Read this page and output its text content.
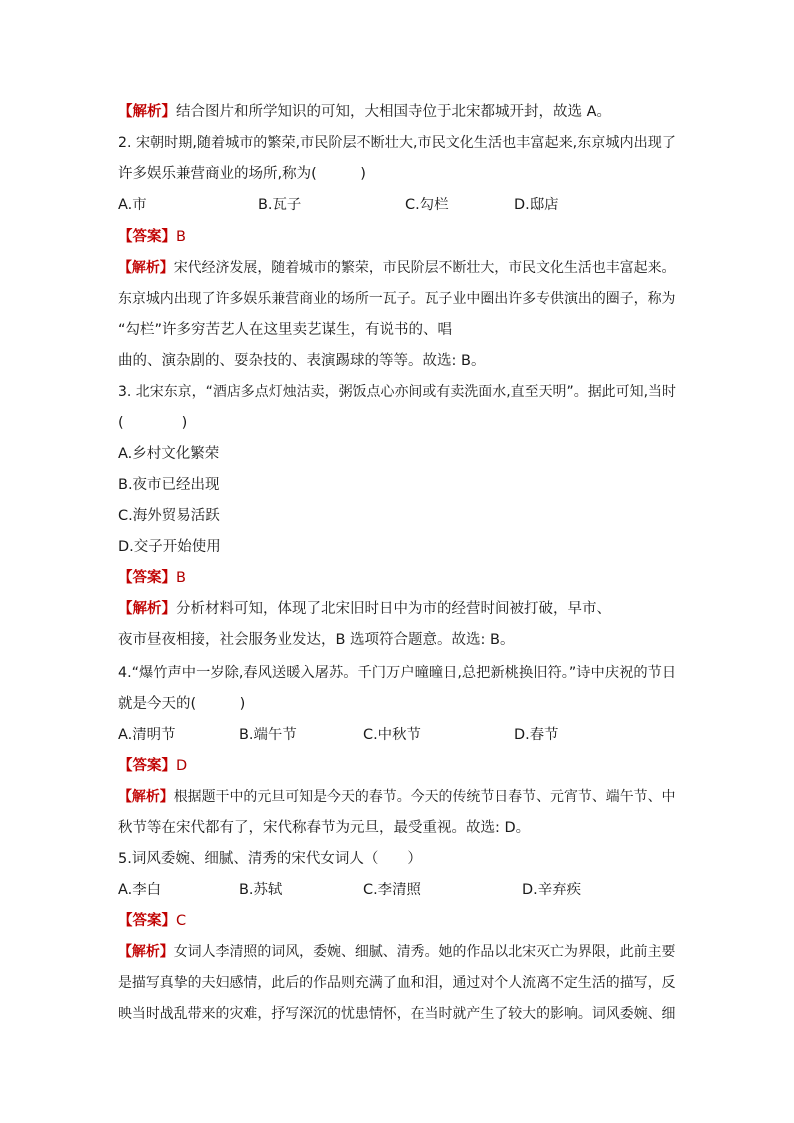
【解析】结合图片和所学知识的可知，大相国寺位于北宋都城开封，故选 A。
2. 宋朝时期,随着城市的繁荣,市民阶层不断壮大,市民文化生活也丰富起来,东京城内出现了
许多娱乐兼营商业的场所,称为(　　　)
A.市	B.瓦子	C.勾栏	D.邸店
【答案】B
【解析】宋代经济发展，随着城市的繁荣，市民阶层不断壮大，市民文化生活也丰富起来。
东京城内出现了许多娱乐兼营商业的场所一瓦子。瓦子业中圈出许多专供演出的圈子，称为
“勾栏”许多穷苦艺人在这里卖艺谋生，有说书的、唱
曲的、演杂剧的、耍杂技的、表演踢球的等等。故选: B。
3. 北宋东京，“酒店多点灯烛沽卖，粥饭点心亦间或有卖洗面水,直至天明”。据此可知,当时
(　　　　)
A.乡村文化繁荣
B.夜市已经出现
C.海外贸易活跃
D.交子开始使用
【答案】B
【解析】分析材料可知，体现了北宋旧时日中为市的经营时间被打破，早市、
夜市昼夜相接，社会服务业发达，B 选项符合题意。故选: B。
4.“爆竹声中一岁除,春风送暖入屠苏。千门万户曈曈日,总把新桃换旧符。”诗中庆祝的节日
就是今天的(　　　)
A.清明节	B.端午节	C.中秋节	D.春节
【答案】D
【解析】根据题干中的元旦可知是今天的春节。今天的传统节日春节、元宵节、端午节、中
秋节等在宋代都有了，宋代称春节为元旦，最受重视。故选: D。
5.词风委婉、细腻、清秀的宋代女词人（　　）
A.李白	B.苏轼	C.李清照	D.辛弃疾
【答案】C
【解析】女词人李清照的词风，委婉、细腻、清秀。她的作品以北宋灭亡为界限，此前主要
是描写真挚的夫妇感情，此后的作品则充满了血和泪，通过对个人流离不定生活的描写，反
映当时战乱带来的灾难，抒写深沉的忧患情怀，在当时就产生了较大的影响。词风委婉、细
